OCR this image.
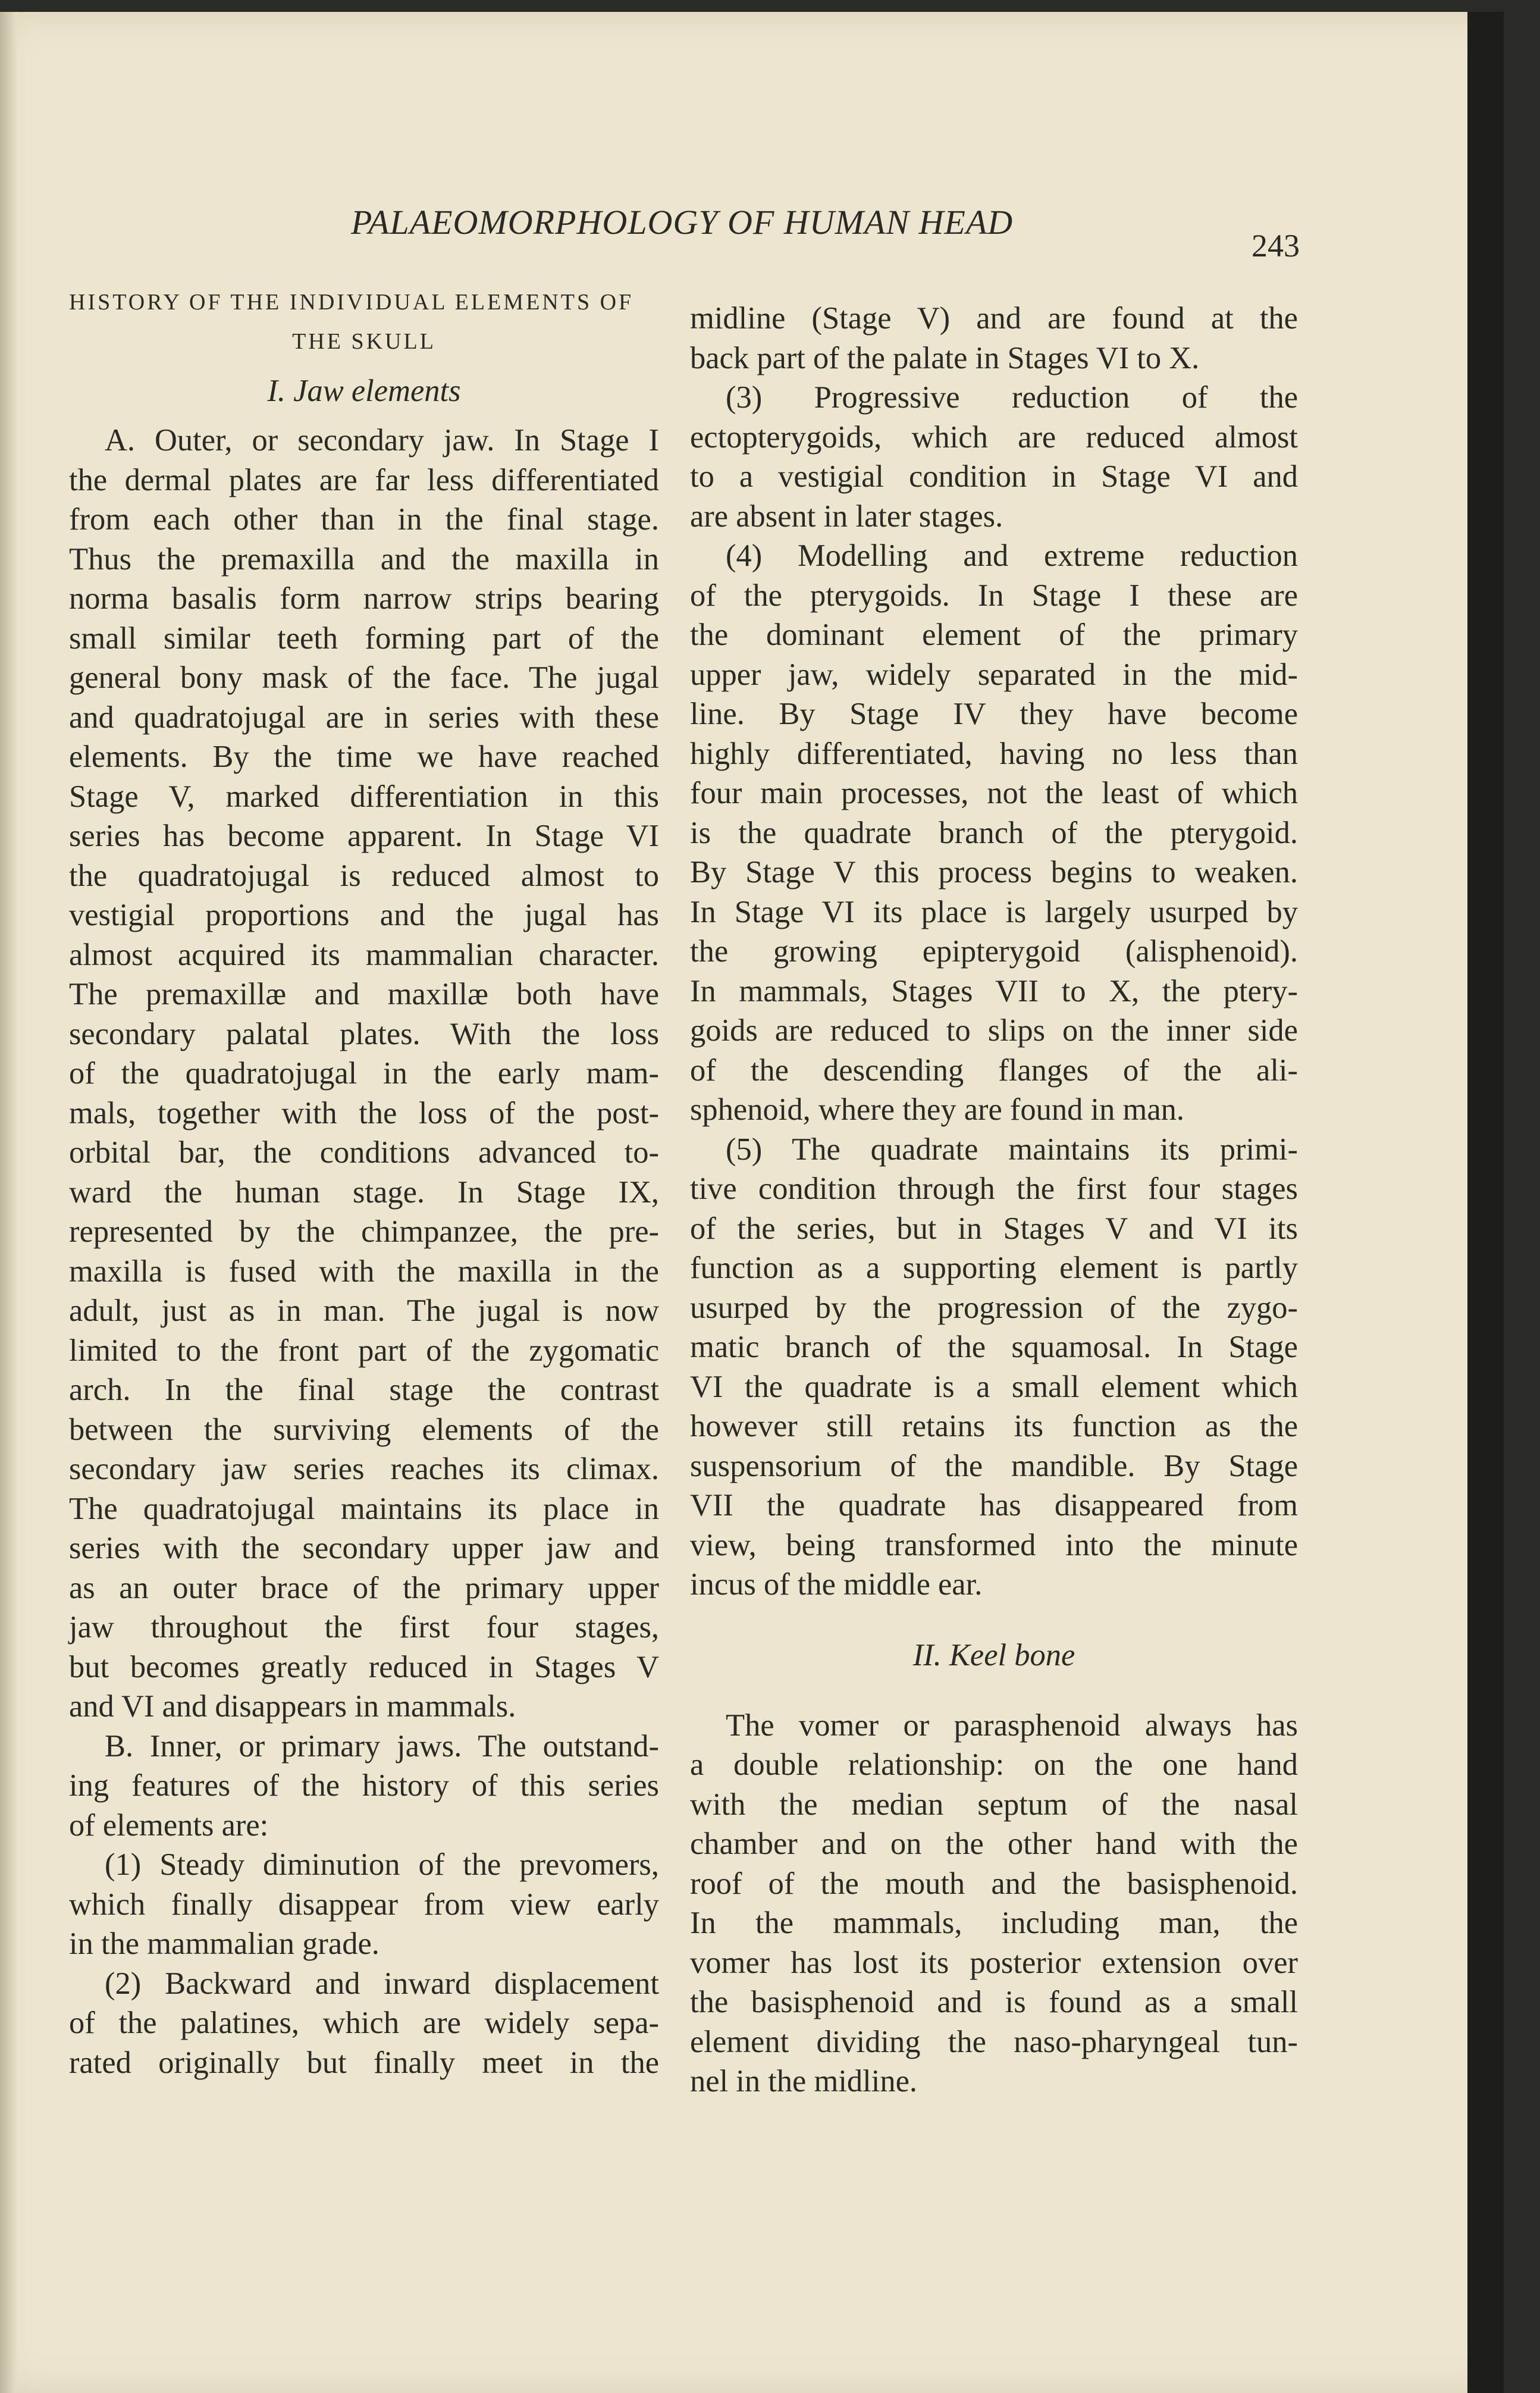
PALAEOMORPHOLOGY OF HUMAN HEAD
243
HISTORY OF THE INDIVIDUAL ELEMENTS OF
THE SKULL
I. Jaw elements
A. Outer, or secondary jaw. In Stage I
the dermal plates are far less differentiated
from each other than in the final stage.
Thus the premaxilla and the maxilla in
norma basalis form narrow strips bearing
small similar teeth forming part of the
general bony mask of the face. The jugal
and quadratojugal are in series with these
elements. By the time we have reached
Stage V, marked differentiation in this
series has become apparent. In Stage VI
the quadratojugal is reduced almost to
vestigial proportions and the jugal has
almost acquired its mammalian character.
The premaxillæ and maxillæ both have
secondary palatal plates. With the loss
of the quadratojugal in the early mam-
mals, together with the loss of the post-
orbital bar, the conditions advanced to-
ward the human stage. In Stage IX,
represented by the chimpanzee, the pre-
maxilla is fused with the maxilla in the
adult, just as in man. The jugal is now
limited to the front part of the zygomatic
arch. In the final stage the contrast
between the surviving elements of the
secondary jaw series reaches its climax.
The quadratojugal maintains its place in
series with the secondary upper jaw and
as an outer brace of the primary upper
jaw throughout the first four stages,
but becomes greatly reduced in Stages V
and VI and disappears in mammals.
B. Inner, or primary jaws. The outstand-
ing features of the history of this series
of elements are:
(1) Steady diminution of the prevomers,
which finally disappear from view early
in the mammalian grade.
(2) Backward and inward displacement
of the palatines, which are widely sepa-
rated originally but finally meet in the
midline (Stage V) and are found at the
back part of the palate in Stages VI to X.
(3) Progressive reduction of the
ectopterygoids, which are reduced almost
to a vestigial condition in Stage VI and
are absent in later stages.
(4) Modelling and extreme reduction
of the pterygoids. In Stage I these are
the dominant element of the primary
upper jaw, widely separated in the mid-
line. By Stage IV they have become
highly differentiated, having no less than
four main processes, not the least of which
is the quadrate branch of the pterygoid.
By Stage V this process begins to weaken.
In Stage VI its place is largely usurped by
the growing epipterygoid (alisphenoid).
In mammals, Stages VII to X, the ptery-
goids are reduced to slips on the inner side
of the descending flanges of the ali-
sphenoid, where they are found in man.
(5) The quadrate maintains its primi-
tive condition through the first four stages
of the series, but in Stages V and VI its
function as a supporting element is partly
usurped by the progression of the zygo-
matic branch of the squamosal. In Stage
VI the quadrate is a small element which
however still retains its function as the
suspensorium of the mandible. By Stage
VII the quadrate has disappeared from
view, being transformed into the minute
incus of the middle ear.
II. Keel bone
The vomer or parasphenoid always has
a double relationship: on the one hand
with the median septum of the nasal
chamber and on the other hand with the
roof of the mouth and the basisphenoid.
In the mammals, including man, the
vomer has lost its posterior extension over
the basisphenoid and is found as a small
element dividing the naso-pharyngeal tun-
nel in the midline.
